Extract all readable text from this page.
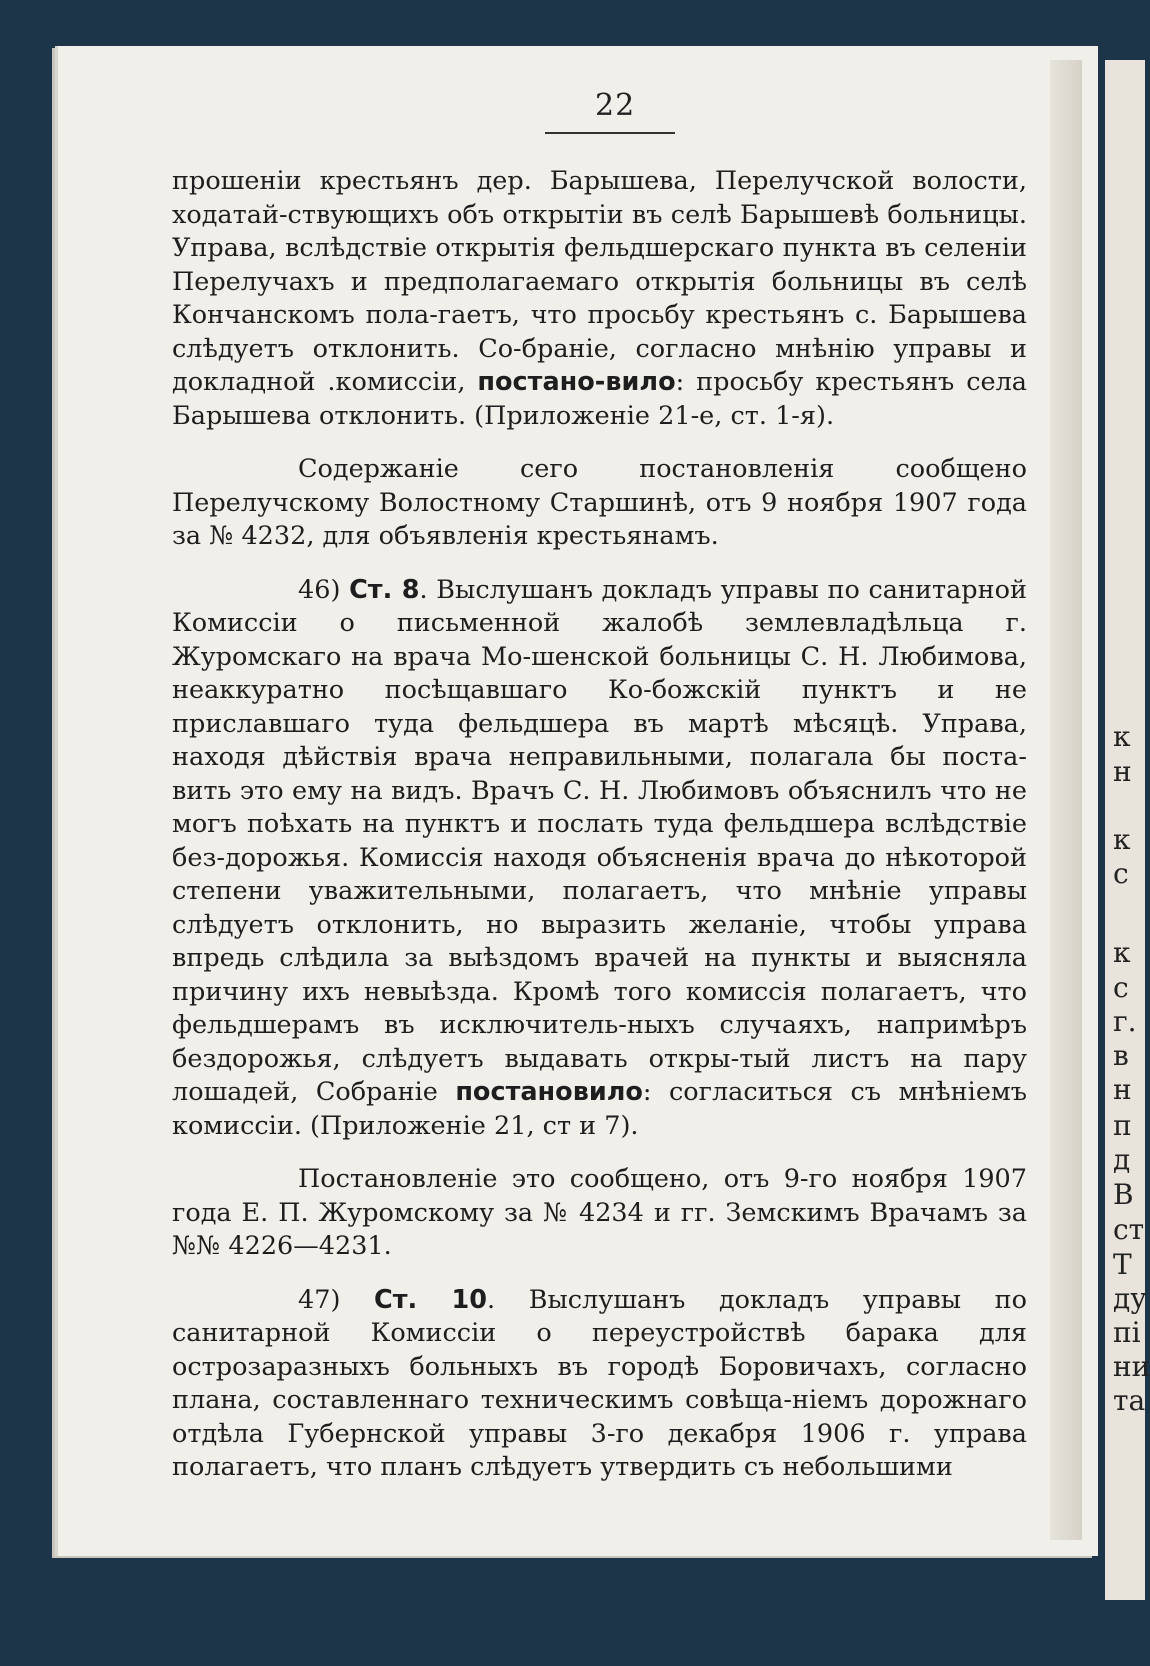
к
н
к
с
к
с
г.
в
н
п
д
В
ст
Т
ду
пі
ни
та
22

прошенiи крестьянъ дер. Барышева, Перелучской волости, ходатай-ствующихъ объ открытiи въ селѣ Барышевѣ больницы. Управа, вслѣдствiе открытiя фельдшерскаго пункта въ селенiи Перелучахъ и предполагаемаго открытiя больницы въ селѣ Кончанскомъ пола-гаетъ, что просьбу крестьянъ с. Барышева слѣдуетъ отклонить. Со-бранiе, согласно мнѣнiю управы и докладной .комиссiи, постано-вило: просьбу крестьянъ села Барышева отклонить. (Приложенiе 21-е, ст. 1-я).

Содержанiе сего постановленiя сообщено Перелучскому Волостному Старшинѣ, отъ 9 ноября 1907 года за № 4232, для объявленiя крестьянамъ.

46) Ст. 8. Выслушанъ докладъ управы по санитарной Комиссiи о письменной жалобѣ землевладѣльца г. Журомскаго на врача Мо-шенской больницы С. Н. Любимова, неаккуратно посѣщавшаго Ко-божскiй пунктъ и не приславшаго туда фельдшера въ мартѣ мѣсяцѣ. Управа, находя дѣйствiя врача неправильными, полагала бы поста-вить это ему на видъ. Врачъ С. Н. Любимовъ объяснилъ что не могъ поѣхать на пунктъ и послать туда фельдшера вслѣдствiе без-дорожья. Комиссiя находя объясненiя врача до нѣкоторой степени уважительными, полагаетъ, что мнѣнiе управы слѣдуетъ отклонить, но выразить желанiе, чтобы управа впредь слѣдила за выѣздомъ врачей на пункты и выясняла причину ихъ невыѣзда. Кромѣ того комиссiя полагаетъ, что фельдшерамъ въ исключитель-ныхъ случаяхъ, напримѣръ бездорожья, слѣдуетъ выдавать откры-тый листъ на пару лошадей, Собранiе постановило: согласиться съ мнѣнiемъ комиссiи. (Приложенiе 21, ст и 7).

Постановленiе это сообщено, отъ 9-го ноября 1907 года Е. П. Журомскому за № 4234 и гг. Земскимъ Врачамъ за №№ 4226—4231.

47) Ст. 10. Выслушанъ докладъ управы по санитарной Комиссiи о переустройствѣ барака для острозаразныхъ больныхъ въ городѣ Боровичахъ, согласно плана, составленнаго техническимъ совѣща-нiемъ дорожнаго отдѣла Губернской управы 3-го декабря 1906 г. управа полагаетъ, что планъ слѣдуетъ утвердить съ небольшими
